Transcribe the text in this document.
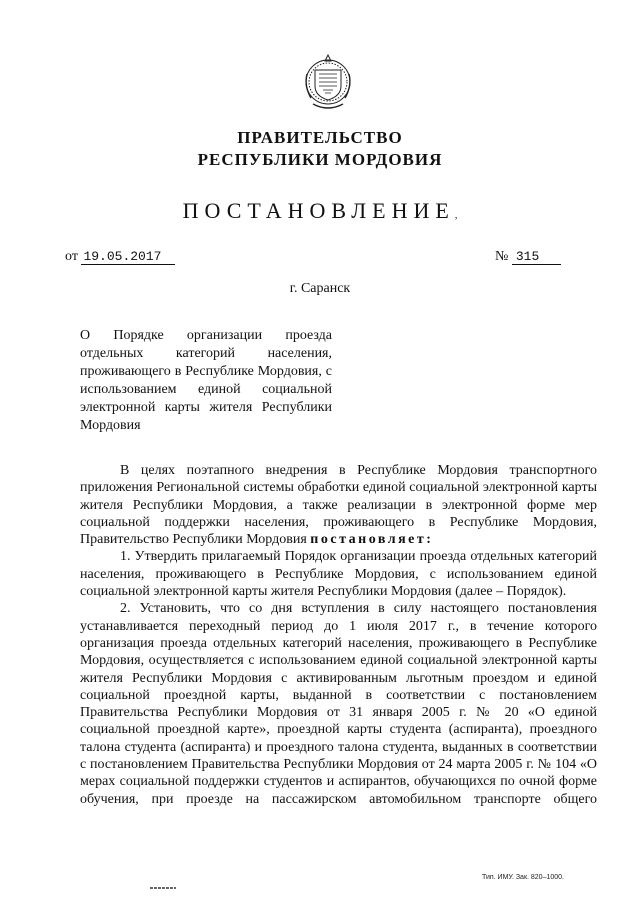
ПРАВИТЕЛЬСТВО
РЕСПУБЛИКИ МОРДОВИЯ
ПОСТАНОВЛЕНИЕ,
от 19.05.2017	№ 315
г. Саранск
О Порядке организации проезда отдельных категорий населения, проживающего в Республике Мордовия, с использованием единой социальной электронной карты жителя Республики Мордовия

В целях поэтапного внедрения в Республике Мордовия транспортного приложения Региональной системы обработки единой социальной электронной карты жителя Республики Мордовия, а также реализации в электронной форме мер социальной поддержки населения, проживающего в Республике Мордовия, Правительство Республики Мордовия постановляет:

1. Утвердить прилагаемый Порядок организации проезда отдельных категорий населения, проживающего в Республике Мордовия, с использованием единой социальной электронной карты жителя Республики Мордовия (далее – Порядок).

2. Установить, что со дня вступления в силу настоящего постановления устанавливается переходный период до 1 июля 2017 г., в течение которого организация проезда отдельных категорий населения, проживающего в Республике Мордовия, осуществляется с использованием единой социальной электронной карты жителя Республики Мордовия с активированным льготным проездом и единой социальной проездной карты, выданной в соответствии с постановлением Правительства Республики Мордовия от 31 января 2005 г. № 20 «О единой социальной проездной карте», проездной карты студента (аспиранта), проездного талона студента (аспиранта) и проездного талона студента, выданных в соответствии с постановлением Правительства Республики Мордовия от 24 марта 2005 г. № 104 «О мерах социальной поддержки студентов и аспирантов, обучающихся по очной форме обучения, при проезде на пассажирском автомобильном транспорте общего

Тип. ИМУ. Зак. 820–1000.
